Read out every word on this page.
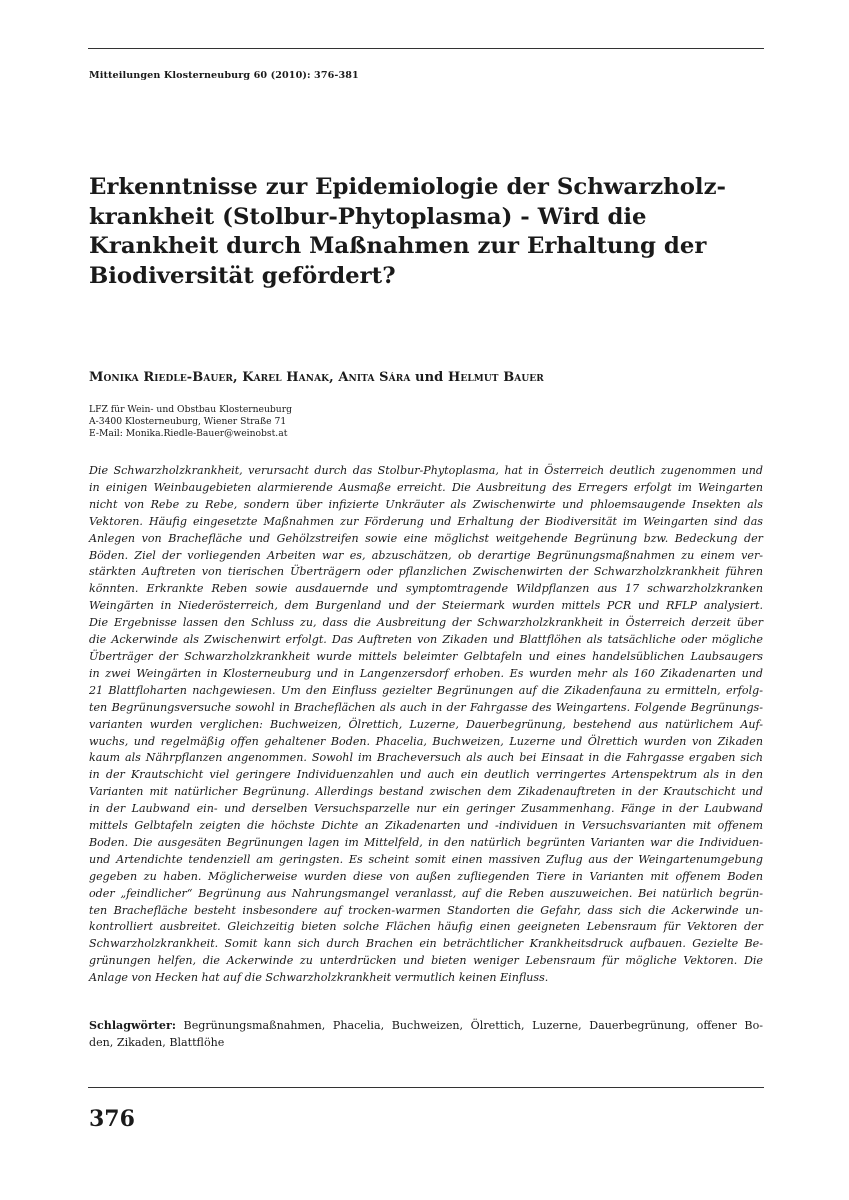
Mitteilungen Klosterneuburg 60 (2010): 376-381
Erkenntnisse zur Epidemiologie der Schwarzholz-
krankheit (Stolbur-Phytoplasma) - Wird die
Krankheit durch Maßnahmen zur Erhaltung der
Biodiversität gefördert?
Monika Riedle-Bauer, Karel Hanak, Anita Sára und Helmut Bauer
LFZ für Wein- und Obstbau Klosterneuburg
A-3400 Klosterneuburg, Wiener Straße 71
E-Mail: Monika.Riedle-Bauer@weinobst.at
Die Schwarzholzkrankheit, verursacht durch das Stolbur-Phytoplasma, hat in Österreich deutlich zugenommen und
in einigen Weinbaugebieten alarmierende Ausmaße erreicht. Die Ausbreitung des Erregers erfolgt im Weingarten
nicht von Rebe zu Rebe, sondern über infizierte Unkräuter als Zwischenwirte und phloemsaugende Insekten als
Vektoren. Häufig eingesetzte Maßnahmen zur Förderung und Erhaltung der Biodiversität im Weingarten sind das
Anlegen von Brachefläche und Gehölzstreifen sowie eine möglichst weitgehende Begrünung bzw. Bedeckung der
Böden. Ziel der vorliegenden Arbeiten war es, abzuschätzen, ob derartige Begrünungsmaßnahmen zu einem ver-
stärkten Auftreten von tierischen Überträgern oder pflanzlichen Zwischenwirten der Schwarzholzkrankheit führen
könnten. Erkrankte Reben sowie ausdauernde und symptomtragende Wildpflanzen aus 17 schwarzholzkranken
Weingärten in Niederösterreich, dem Burgenland und der Steiermark wurden mittels PCR und RFLP analysiert.
Die Ergebnisse lassen den Schluss zu, dass die Ausbreitung der Schwarzholzkrankheit in Österreich derzeit über
die Ackerwinde als Zwischenwirt erfolgt. Das Auftreten von Zikaden und Blattflöhen als tatsächliche oder mögliche
Überträger der Schwarzholzkrankheit wurde mittels beleimter Gelbtafeln und eines handelsüblichen Laubsaugers
in zwei Weingärten in Klosterneuburg und in Langenzersdorf erhoben. Es wurden mehr als 160 Zikadenarten und
21 Blattfloharten nachgewiesen. Um den Einfluss gezielter Begrünungen auf die Zikadenfauna zu ermitteln, erfolg-
ten Begrünungsversuche sowohl in Bracheflächen als auch in der Fahrgasse des Weingartens. Folgende Begrünungs-
varianten wurden verglichen: Buchweizen, Ölrettich, Luzerne, Dauerbegrünung, bestehend aus natürlichem Auf-
wuchs, und regelmäßig offen gehaltener Boden. Phacelia, Buchweizen, Luzerne und Ölrettich wurden von Zikaden
kaum als Nährpflanzen angenommen. Sowohl im Bracheversuch als auch bei Einsaat in die Fahrgasse ergaben sich
in der Krautschicht viel geringere Individuenzahlen und auch ein deutlich verringertes Artenspektrum als in den
Varianten mit natürlicher Begrünung. Allerdings bestand zwischen dem Zikadenauftreten in der Krautschicht und
in der Laubwand ein- und derselben Versuchsparzelle nur ein geringer Zusammenhang. Fänge in der Laubwand
mittels Gelbtafeln zeigten die höchste Dichte an Zikadenarten und -individuen in Versuchsvarianten mit offenem
Boden. Die ausgesäten Begrünungen lagen im Mittelfeld, in den natürlich begrünten Varianten war die Individuen-
und Artendichte tendenziell am geringsten. Es scheint somit einen massiven Zuflug aus der Weingartenumgebung
gegeben zu haben. Möglicherweise wurden diese von außen zufliegenden Tiere in Varianten mit offenem Boden
oder „feindlicher“ Begrünung aus Nahrungsmangel veranlasst, auf die Reben auszuweichen. Bei natürlich begrün-
ten Brachefläche besteht insbesondere auf trocken-warmen Standorten die Gefahr, dass sich die Ackerwinde un-
kontrolliert ausbreitet. Gleichzeitig bieten solche Flächen häufig einen geeigneten Lebensraum für Vektoren der
Schwarzholzkrankheit. Somit kann sich durch Brachen ein beträchtlicher Krankheitsdruck aufbauen. Gezielte Be-
grünungen helfen, die Ackerwinde zu unterdrücken und bieten weniger Lebensraum für mögliche Vektoren. Die
Anlage von Hecken hat auf die Schwarzholzkrankheit vermutlich keinen Einfluss.
Schlagwörter: Begrünungsmaßnahmen, Phacelia, Buchweizen, Ölrettich, Luzerne, Dauerbegrünung, offener Bo-
den, Zikaden, Blattflöhe
376
